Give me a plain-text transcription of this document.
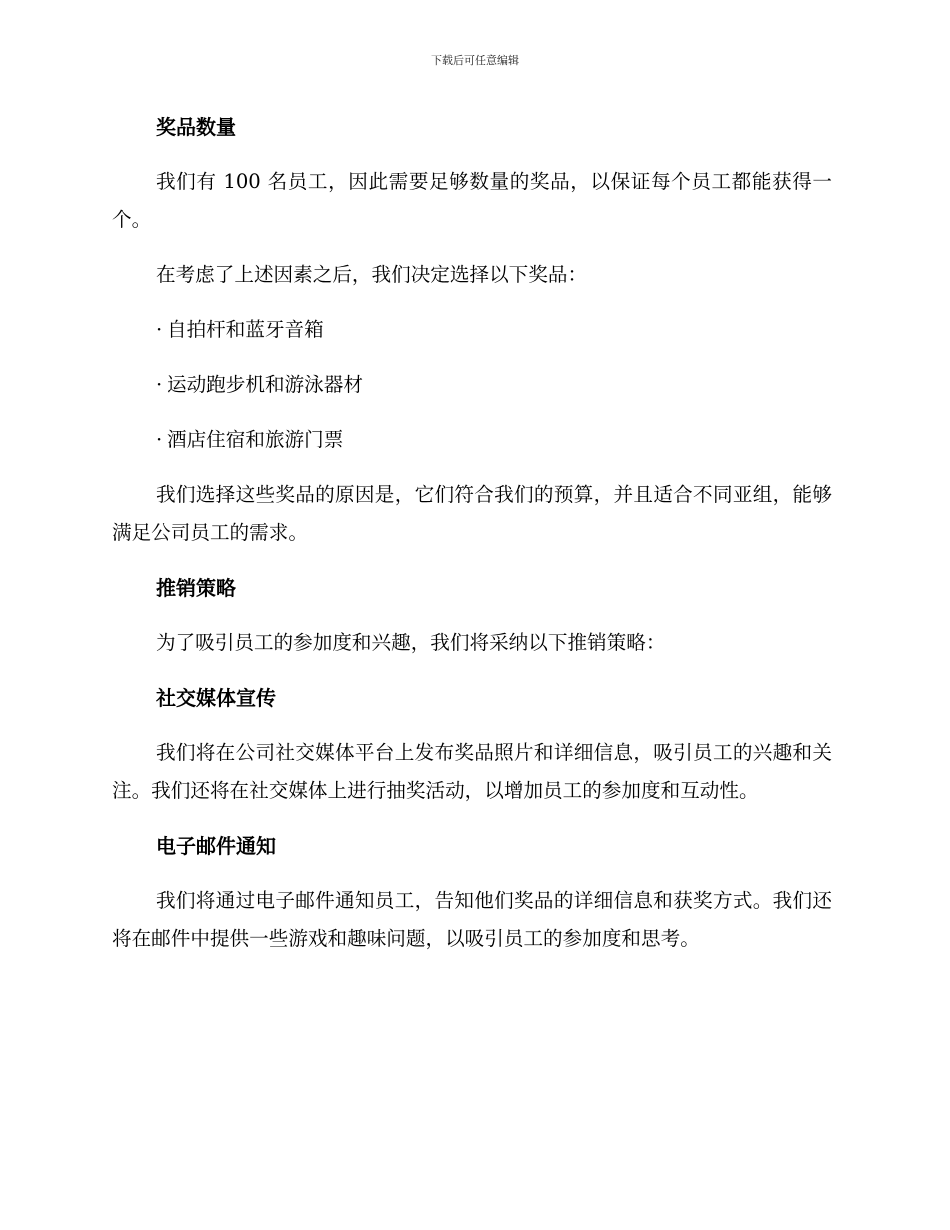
下载后可任意编辑
奖品数量

我们有 100 名员工，因此需要足够数量的奖品，以保证每个员工都能获得一个。

在考虑了上述因素之后，我们决定选择以下奖品：

· 自拍杆和蓝牙音箱
· 运动跑步机和游泳器材
· 酒店住宿和旅游门票

我们选择这些奖品的原因是，它们符合我们的预算，并且适合不同亚组，能够满足公司员工的需求。

推销策略

为了吸引员工的参加度和兴趣，我们将采纳以下推销策略：

社交媒体宣传

我们将在公司社交媒体平台上发布奖品照片和详细信息，吸引员工的兴趣和关注。我们还将在社交媒体上进行抽奖活动，以增加员工的参加度和互动性。

电子邮件通知

我们将通过电子邮件通知员工，告知他们奖品的详细信息和获奖方式。我们还将在邮件中提供一些游戏和趣味问题，以吸引员工的参加度和思考。
